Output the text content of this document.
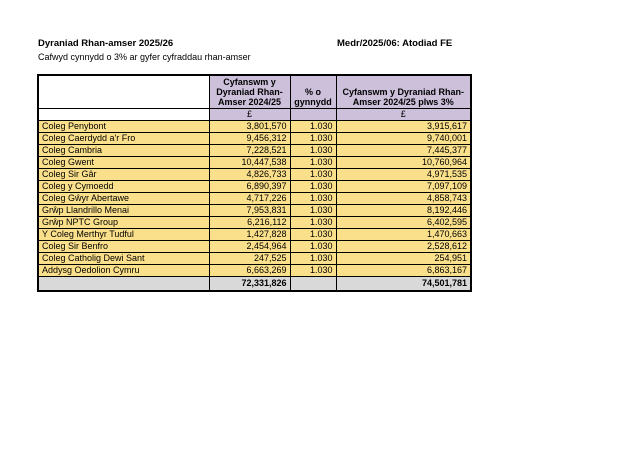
Dyraniad Rhan-amser 2025/26	Medr/2025/06: Atodiad FE
Cafwyd cynnydd o 3% ar gyfer cyfraddau rhan-amser
	Cyfanswm y Dyraniad Rhan-Amser 2024/25	% o gynnydd	Cyfanswm y Dyraniad Rhan-Amser 2024/25 plws 3%
	£		£
Coleg Penybont	3,801,570	1.030	3,915,617
Coleg Caerdydd a'r Fro	9,456,312	1.030	9,740,001
Coleg Cambria	7,228,521	1.030	7,445,377
Coleg Gwent	10,447,538	1.030	10,760,964
Coleg Sir Gâr	4,826,733	1.030	4,971,535
Coleg y Cymoedd	6,890,397	1.030	7,097,109
Coleg Gŵyr Abertawe	4,717,226	1.030	4,858,743
Grŵp Llandrillo Menai	7,953,831	1.030	8,192,446
Grŵp NPTC Group	6,216,112	1.030	6,402,595
Y Coleg Merthyr Tudful	1,427,828	1.030	1,470,663
Coleg Sir Benfro	2,454,964	1.030	2,528,612
Coleg Catholig Dewi Sant	247,525	1.030	254,951
Addysg Oedolion Cymru	6,663,269	1.030	6,863,167
	72,331,826		74,501,781
